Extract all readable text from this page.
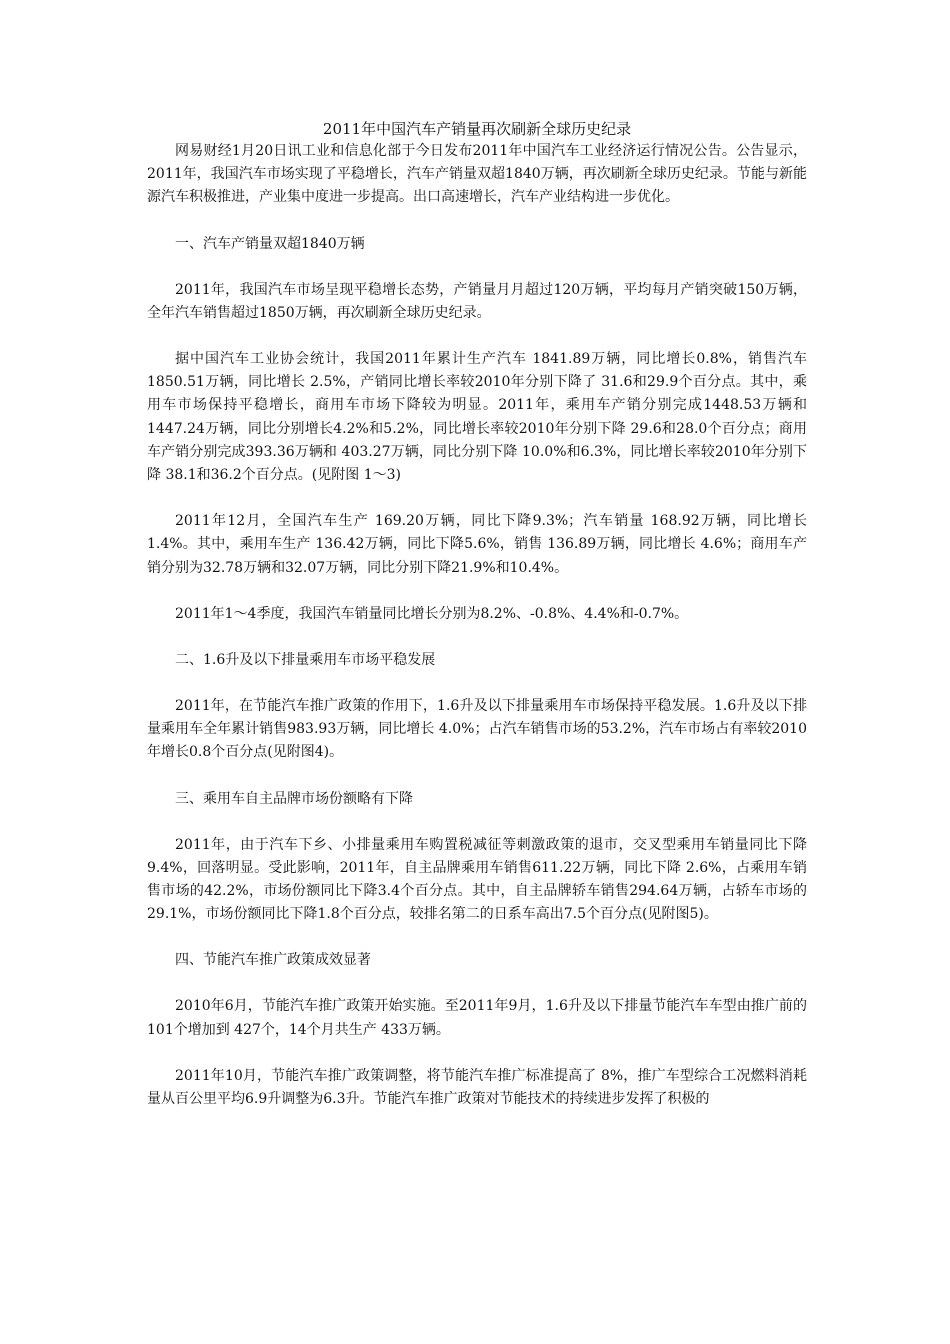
2011年中国汽车产销量再次刷新全球历史纪录

网易财经1月20日讯工业和信息化部于今日发布2011年中国汽车工业经济运行情况公告。公告显示，2011年，我国汽车市场实现了平稳增长，汽车产销量双超1840万辆，再次刷新全球历史纪录。节能与新能源汽车积极推进，产业集中度进一步提高。出口高速增长，汽车产业结构进一步优化。

一、汽车产销量双超1840万辆

2011年，我国汽车市场呈现平稳增长态势，产销量月月超过120万辆，平均每月产销突破150万辆，全年汽车销售超过1850万辆，再次刷新全球历史纪录。

据中国汽车工业协会统计，我国2011年累计生产汽车 1841.89万辆，同比增长0.8%，销售汽车1850.51万辆，同比增长 2.5%，产销同比增长率较2010年分别下降了 31.6和29.9个百分点。其中，乘用车市场保持平稳增长，商用车市场下降较为明显。2011年，乘用车产销分别完成1448.53万辆和1447.24万辆，同比分别增长4.2%和5.2%，同比增长率较2010年分别下降 29.6和28.0个百分点；商用车产销分别完成393.36万辆和 403.27万辆，同比分别下降 10.0%和6.3%，同比增长率较2010年分别下降 38.1和36.2个百分点。(见附图 1～3)

2011年12月，全国汽车生产 169.20万辆，同比下降9.3%；汽车销量 168.92万辆，同比增长 1.4%。其中，乘用车生产 136.42万辆，同比下降5.6%，销售 136.89万辆，同比增长 4.6%；商用车产销分别为32.78万辆和32.07万辆，同比分别下降21.9%和10.4%。

2011年1～4季度，我国汽车销量同比增长分别为8.2%、-0.8%、4.4%和-0.7%。

二、1.6升及以下排量乘用车市场平稳发展

2011年，在节能汽车推广政策的作用下，1.6升及以下排量乘用车市场保持平稳发展。1.6升及以下排量乘用车全年累计销售983.93万辆，同比增长 4.0%；占汽车销售市场的53.2%，汽车市场占有率较2010年增长0.8个百分点(见附图4)。

三、乘用车自主品牌市场份额略有下降

2011年，由于汽车下乡、小排量乘用车购置税减征等刺激政策的退市，交叉型乘用车销量同比下降9.4%，回落明显。受此影响，2011年，自主品牌乘用车销售611.22万辆，同比下降 2.6%，占乘用车销售市场的42.2%，市场份额同比下降3.4个百分点。其中，自主品牌轿车销售294.64万辆，占轿车市场的29.1%，市场份额同比下降1.8个百分点，较排名第二的日系车高出7.5个百分点(见附图5)。

四、节能汽车推广政策成效显著

2010年6月，节能汽车推广政策开始实施。至2011年9月，1.6升及以下排量节能汽车车型由推广前的101个增加到 427个，14个月共生产 433万辆。

2011年10月，节能汽车推广政策调整，将节能汽车推广标准提高了 8%，推广车型综合工况燃料消耗量从百公里平均6.9升调整为6.3升。节能汽车推广政策对节能技术的持续进步发挥了积极的
